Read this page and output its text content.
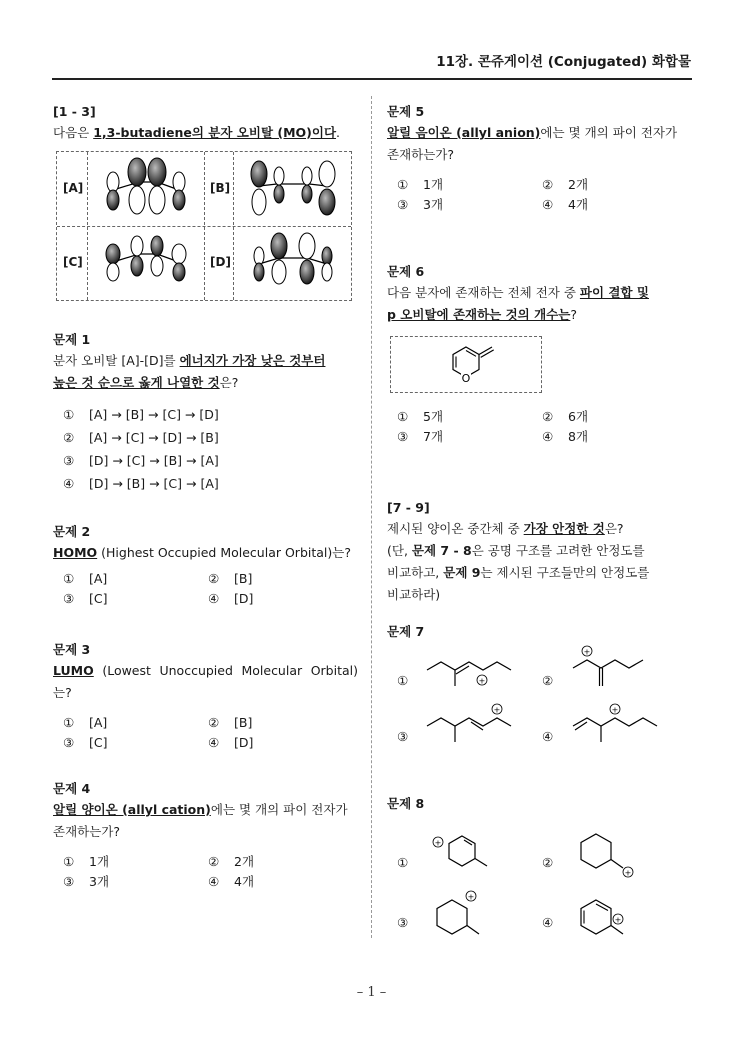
11장. 콘쥬게이션 (Conjugated) 화합물
[1 - 3]
다음은 1,3-butadiene의 분자 오비탈 (MO)이다.
[A]	[B]
[C]	[D]
문제 1
분자 오비탈 [A]-[D]를 에너지가 가장 낮은 것부터
높은 것 순으로 옳게 나열한 것은?
① [A] → [B] → [C] → [D]
② [A] → [C] → [D] → [B]
③ [D] → [C] → [B] → [A]
④ [D] → [B] → [C] → [A]
문제 2
HOMO (Highest Occupied Molecular Orbital)는?
① [A]	② [B]
③ [C]	④ [D]
문제 3
LUMO (Lowest Unoccupied Molecular Orbital)는?
① [A]	② [B]
③ [C]	④ [D]
문제 4
알릴 양이온 (allyl cation)에는 몇 개의 파이 전자가
존재하는가?
① 1개	② 2개
③ 3개	④ 4개
문제 5
알릴 음이온 (allyl anion)에는 몇 개의 파이 전자가
존재하는가?
① 1개	② 2개
③ 3개	④ 4개
문제 6
다음 분자에 존재하는 전체 전자 중 파이 결합 및
p 오비탈에 존재하는 것의 개수는?
O
① 5개	② 6개
③ 7개	④ 8개
[7 - 9]
제시된 양이온 중간체 중 가장 안정한 것은?
(단, 문제 7 - 8은 공명 구조를 고려한 안정도를
비교하고, 문제 9는 제시된 구조들만의 안정도를
비교하라)
문제 7
①	+	②
+
③
+
④
+
문제 8
①
+
②
+
③
+
④	+
– 1 –
